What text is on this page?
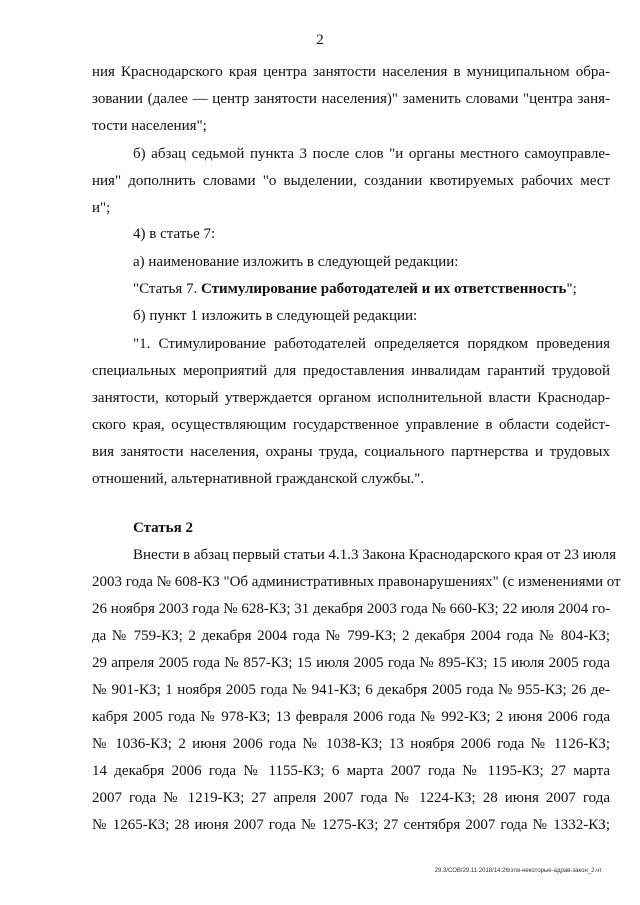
2
ния Краснодарского края центра занятости населения в муниципальном обра-
зовании (далее — центр занятости населения)" заменить словами "центра заня-
тости населения";
б) абзац седьмой пункта 3 после слов "и органы местного самоуправле-
ния" дополнить словами "о выделении, создании квотируемых рабочих мест
и";
4) в статье 7:
а) наименование изложить в следующей редакции:
"Статья 7. Стимулирование работодателей и их ответственность";
б) пункт 1 изложить в следующей редакции:
"1. Стимулирование работодателей определяется порядком проведения
специальных мероприятий для предоставления инвалидам гарантий трудовой
занятости, который утверждается органом исполнительной власти Краснодар-
ского края, осуществляющим государственное управление в области содейст-
вия занятости населения, охраны труда, социального партнерства и трудовых
отношений, альтернативной гражданской службы.".
Статья 2
Внести в абзац первый статьи 4.1.3 Закона Краснодарского края от 23 июля
2003 года № 608-КЗ "Об административных правонарушениях" (с изменениями от
26 ноября 2003 года № 628-КЗ; 31 декабря 2003 года № 660-КЗ; 22 июля 2004 го-
да № 759-КЗ; 2 декабря 2004 года № 799-КЗ; 2 декабря 2004 года № 804-КЗ;
29 апреля 2005 года № 857-КЗ; 15 июля 2005 года № 895-КЗ; 15 июля 2005 года
№ 901-КЗ; 1 ноября 2005 года № 941-КЗ; 6 декабря 2005 года № 955-КЗ; 26 де-
кабря 2005 года № 978-КЗ; 13 февраля 2006 года № 992-КЗ; 2 июня 2006 года
№ 1036-КЗ; 2 июня 2006 года № 1038-КЗ; 13 ноября 2006 года № 1126-КЗ;
14 декабря 2006 года № 1155-КЗ; 6 марта 2007 года № 1195-КЗ; 27 марта
2007 года № 1219-КЗ; 27 апреля 2007 года № 1224-КЗ; 28 июня 2007 года
№ 1265-КЗ; 28 июня 2007 года № 1275-КЗ; 27 сентября 2007 года № 1332-КЗ;
29.3/СОВ/29.11.2018/14:26/зтм-некоторые-адрав-закон_2.чт
